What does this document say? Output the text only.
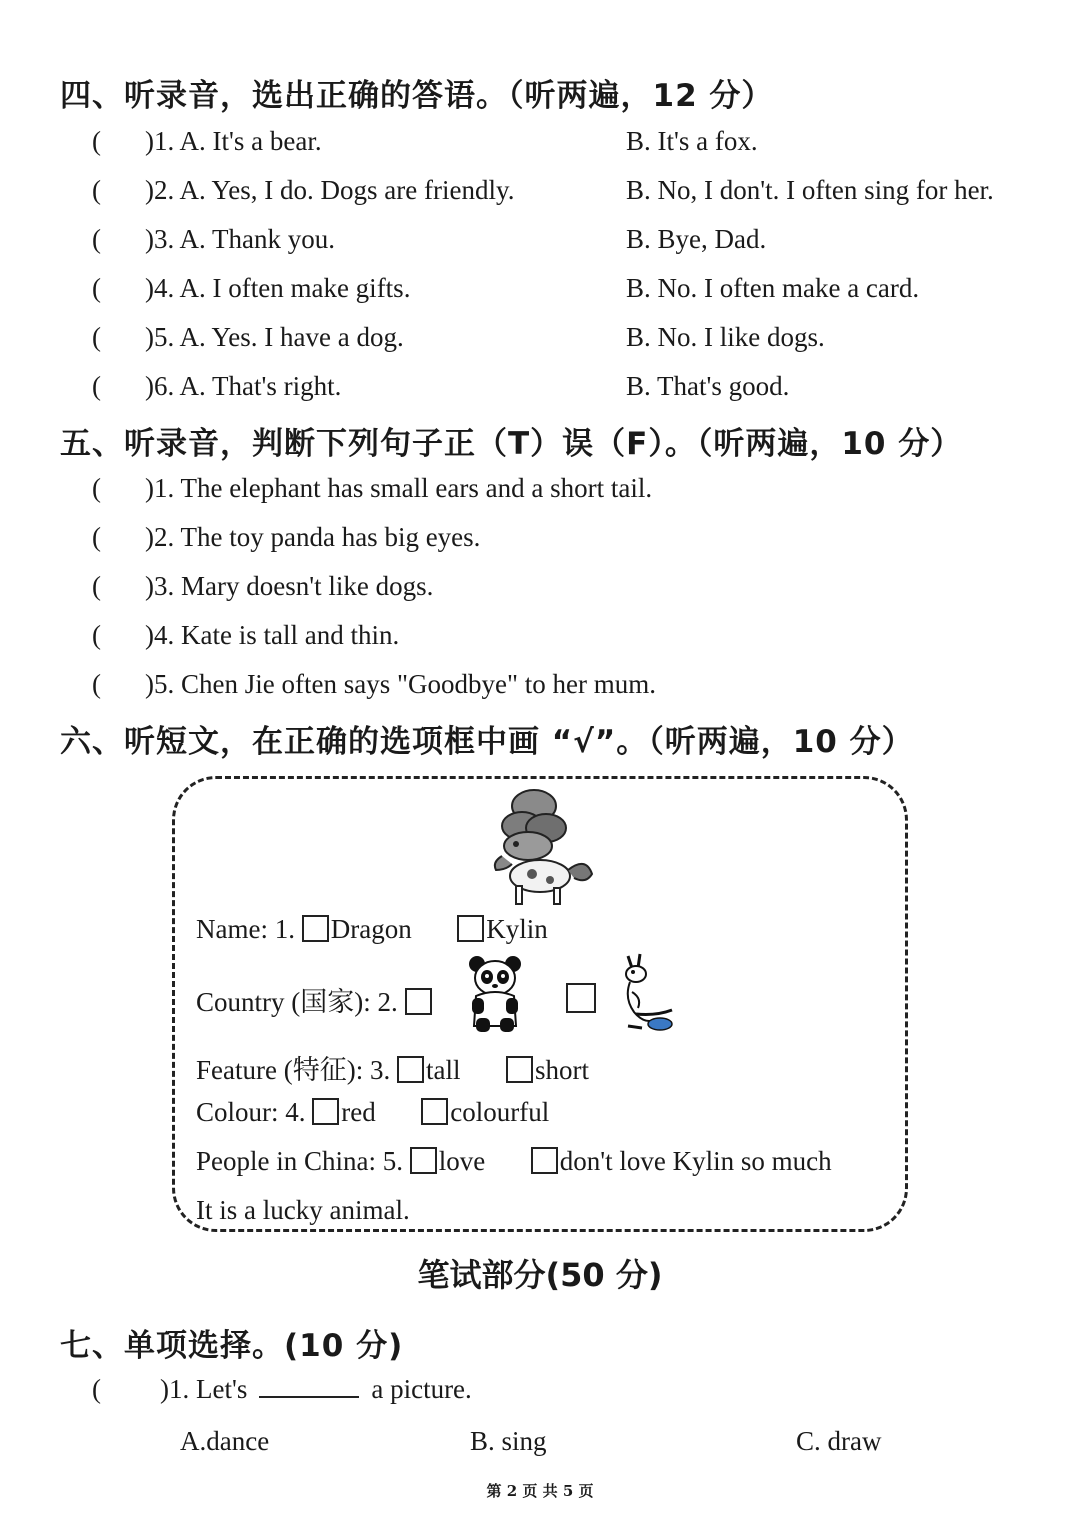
四、听录音，选出正确的答语。（听两遍，12 分）
( )1. A. It's a bear.	B. It's a fox.
( )2. A. Yes, I do. Dogs are friendly.	B. No, I don't. I often sing for her.
( )3. A. Thank you.	B. Bye, Dad.
( )4. A. I often make gifts.	B. No. I often make a card.
( )5. A. Yes. I have a dog.	B. No. I like dogs.
( )6. A. That's right.	B. That's good.
五、听录音，判断下列句子正（T）误（F）。（听两遍，10 分）
( )1. The elephant has small ears and a short tail.
( )2. The toy panda has big eyes.
( )3. Mary doesn't like dogs.
( )4. Kate is tall and thin.
( )5. Chen Jie often says "Goodbye" to her mum.
六、听短文，在正确的选项框中画 “√”。（听两遍，10 分）
Name: 1. Dragon	Kylin
Country (国家): 2.
Feature (特征): 3. tall	short
Colour: 4. red	colourful
People in China: 5. love	don't love Kylin so much
It is a lucky animal.
笔试部分(50 分)
七、单项选择。(10 分)
( )1. Let's	a picture.
A.dance	B. sing	C. draw
第 2 页 共 5 页
